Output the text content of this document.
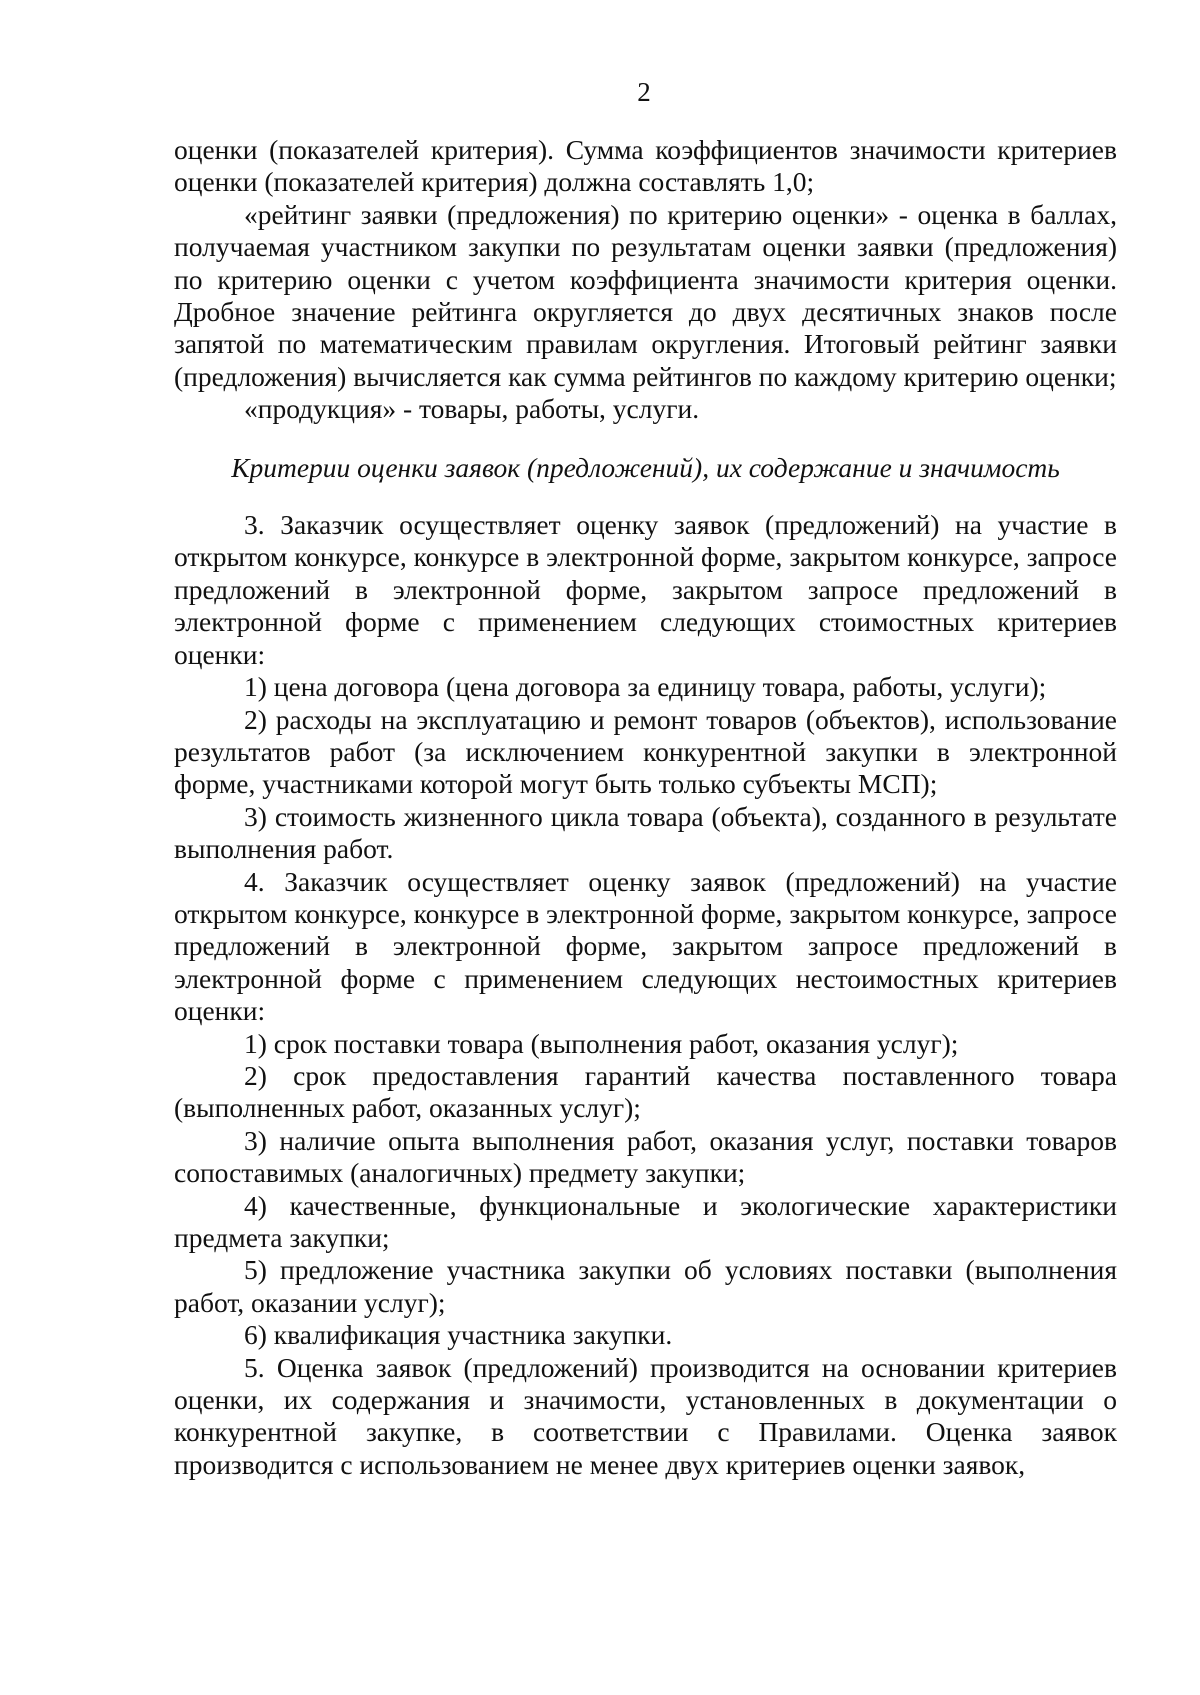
2

оценки (показателей критерия). Сумма коэффициентов значимости критериев оценки (показателей критерия) должна составлять 1,0;

«рейтинг заявки (предложения) по критерию оценки» - оценка в баллах, получаемая участником закупки по результатам оценки заявки (предложения) по критерию оценки с учетом коэффициента значимости критерия оценки. Дробное значение рейтинга округляется до двух десятичных знаков после запятой по математическим правилам округления. Итоговый рейтинг заявки (предложения) вычисляется как сумма рейтингов по каждому критерию оценки;

«продукция» - товары, работы, услуги.

Критерии оценки заявок (предложений), их содержание и значимость

3. Заказчик осуществляет оценку заявок (предложений) на участие в открытом конкурсе, конкурсе в электронной форме, закрытом конкурсе, запросе предложений в электронной форме, закрытом запросе предложений в электронной форме с применением следующих стоимостных критериев оценки:

1) цена договора (цена договора за единицу товара, работы, услуги);

2) расходы на эксплуатацию и ремонт товаров (объектов), использование результатов работ (за исключением конкурентной закупки в электронной форме, участниками которой могут быть только субъекты МСП);

3) стоимость жизненного цикла товара (объекта), созданного в результате выполнения работ.

4. Заказчик осуществляет оценку заявок (предложений) на участие открытом конкурсе, конкурсе в электронной форме, закрытом конкурсе, запросе предложений в электронной форме, закрытом запросе предложений в электронной форме с применением следующих нестоимостных критериев оценки:

1) срок поставки товара (выполнения работ, оказания услуг);

2) срок предоставления гарантий качества поставленного товара (выполненных работ, оказанных услуг);

3) наличие опыта выполнения работ, оказания услуг, поставки товаров сопоставимых (аналогичных) предмету закупки;

4) качественные, функциональные и экологические характеристики предмета закупки;

5) предложение участника закупки об условиях поставки (выполнения работ, оказании услуг);

6) квалификация участника закупки.

5. Оценка заявок (предложений) производится на основании критериев оценки, их содержания и значимости, установленных в документации о конкурентной закупке, в соответствии с Правилами. Оценка заявок производится с использованием не менее двух критериев оценки заявок,
